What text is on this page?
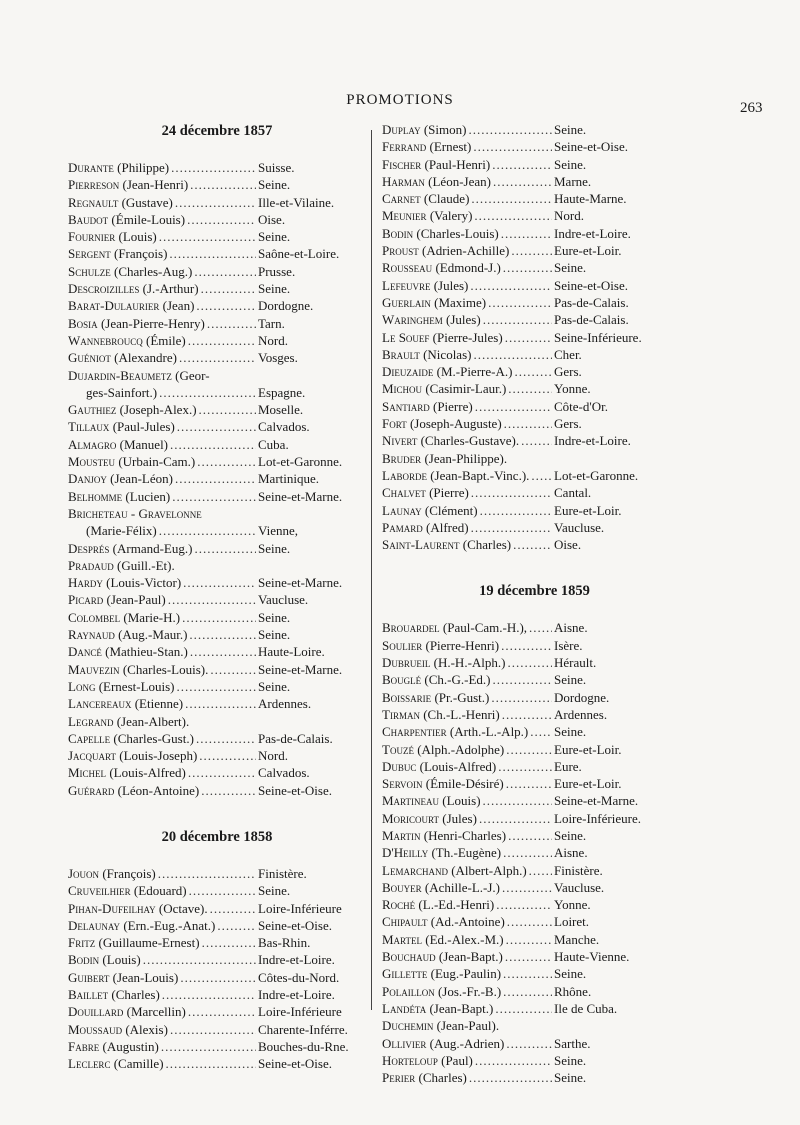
PROMOTIONS	263
24 décembre 1857
Durante (Philippe) .....	Suisse.
Pierreson (Jean-Henri) .....	Seine.
Regnault (Gustave) .....	Ille-et-Vilaine.
Baudot (Émile-Louis) .....	Oise.
Fournier (Louis) .....	Seine.
Sergent (François) .....	Saône-et-Loire.
Schulze (Charles-Aug.) .....	Prusse.
Descroizilles (J.-Arthur) .....	Seine.
Barat-Dulaurier (Jean) .....	Dordogne.
Bosia (Jean-Pierre-Henry) .....	Tarn.
Wannebroucq (Émile) .....	Nord.
Guéniot (Alexandre) .....	Vosges.
Dujardin-Beaumetz (Geor-
ges-Sainfort.) .....	Espagne.
Gauthiez (Joseph-Alex.) .....	Moselle.
Tillaux (Paul-Jules) .....	Calvados.
Almagro (Manuel) .....	Cuba.
Mousteu (Urbain-Cam.) .....	Lot-et-Garonne.
Danjoy (Jean-Léon) .....	Martinique.
Belhomme (Lucien) .....	Seine-et-Marne.
Bricheteau - Gravelonne
(Marie-Félix) .....	Vienne,
Després (Armand-Eug.) .....	Seine.
Pradaud (Guill.-Et).
Hardy (Louis-Victor) .....	Seine-et-Marne.
Picard (Jean-Paul) .....	Vaucluse.
Colombel (Marie-H.) .....	Seine.
Raynaud (Aug.-Maur.) .....	Seine.
Dancé (Mathieu-Stan.) .....	Haute-Loire.
Mauvezin (Charles-Louis). .....	Seine-et-Marne.
Long (Ernest-Louis) .....	Seine.
Lancereaux (Etienne) .....	Ardennes.
Legrand (Jean-Albert).
Capelle (Charles-Gust.) .....	Pas-de-Calais.
Jacquart (Louis-Joseph) .....	Nord.
Michel (Louis-Alfred) .....	Calvados.
Guérard (Léon-Antoine) .....	Seine-et-Oise.
20 décembre 1858
Jouon (François) .....	Finistère.
Cruveilhier (Edouard) .....	Seine.
Pihan-Dufeilhay (Octave). .....	Loire-Inférieure
Delaunay (Ern.-Eug.-Anat.) .....	Seine-et-Oise.
Fritz (Guillaume-Ernest) .....	Bas-Rhin.
Bodin (Louis) .....	Indre-et-Loire.
Guibert (Jean-Louis) .....	Côtes-du-Nord.
Baillet (Charles) .....	Indre-et-Loire.
Douillard (Marcellin) .....	Loire-Inférieure
Moussaud (Alexis) .....	Charente-Inférre.
Fabre (Augustin) .....	Bouches-du-Rne.
Leclerc (Camille) .....	Seine-et-Oise.
Duplay (Simon) .....	Seine.
Ferrand (Ernest) .....	Seine-et-Oise.
Fischer (Paul-Henri) .....	Seine.
Harman (Léon-Jean) .....	Marne.
Carnet (Claude) .....	Haute-Marne.
Meunier (Valery) .....	Nord.
Bodin (Charles-Louis) .....	Indre-et-Loire.
Proust (Adrien-Achille) .....	Eure-et-Loir.
Rousseau (Edmond-J.) .....	Seine.
Lefeuvre (Jules) .....	Seine-et-Oise.
Guerlain (Maxime) .....	Pas-de-Calais.
Waringhem (Jules) .....	Pas-de-Calais.
Le Souef (Pierre-Jules) .....	Seine-Inférieure.
Brault (Nicolas) .....	Cher.
Dieuzaide (M.-Pierre-A.) .....	Gers.
Michou (Casimir-Laur.) .....	Yonne.
Santiard (Pierre) .....	Côte-d'Or.
Fort (Joseph-Auguste) .....	Gers.
Nivert (Charles-Gustave). .....	Indre-et-Loire.
Bruder (Jean-Philippe).
Laborde (Jean-Bapt.-Vinc.). ..... Lot-et-Garonne.
Chalvet (Pierre) .....	Cantal.
Launay (Clément) .....	Eure-et-Loir.
Pamard (Alfred) .....	Vaucluse.
Saint-Laurent (Charles) .....	Oise.
19 décembre 1859
Brouardel (Paul-Cam.-H.), ..... Aisne.
Soulier (Pierre-Henri) .....	Isère.
Dubrueil (H.-H.-Alph.) .....	Hérault.
Bouglé (Ch.-G.-Ed.) .....	Seine.
Boissarie (Pr.-Gust.) .....	Dordogne.
Tirman (Ch.-L.-Henri) .....	Ardennes.
Charpentier (Arth.-L.-Alp.) ..... Seine.
Touzé (Alph.-Adolphe) .....	Eure-et-Loir.
Dubuc (Louis-Alfred) .....	Eure.
Servoin (Émile-Désiré) .....	Eure-et-Loir.
Martineau (Louis) .....	Seine-et-Marne.
Moricourt (Jules) .....	Loire-Inférieure.
Martin (Henri-Charles) .....	Seine.
D'Heilly (Th.-Eugène) .....	Aisne.
Lemarchand (Albert-Alph.) ..... Finistère.
Bouyer (Achille-L.-J.) .....	Vaucluse.
Roché (L.-Ed.-Henri) .....	Yonne.
Chipault (Ad.-Antoine) .....	Loiret.
Martel (Ed.-Alex.-M.) .....	Manche.
Bouchaud (Jean-Bapt.) .....	Haute-Vienne.
Gillette (Eug.-Paulin) .....	Seine.
Polaillon (Jos.-Fr.-B.) .....	Rhône.
Landéta (Jean-Bapt.) .....	Ile de Cuba.
Duchemin (Jean-Paul).
Ollivier (Aug.-Adrien) .....	Sarthe.
Horteloup (Paul) .....	Seine.
Perier (Charles) .....	Seine.
